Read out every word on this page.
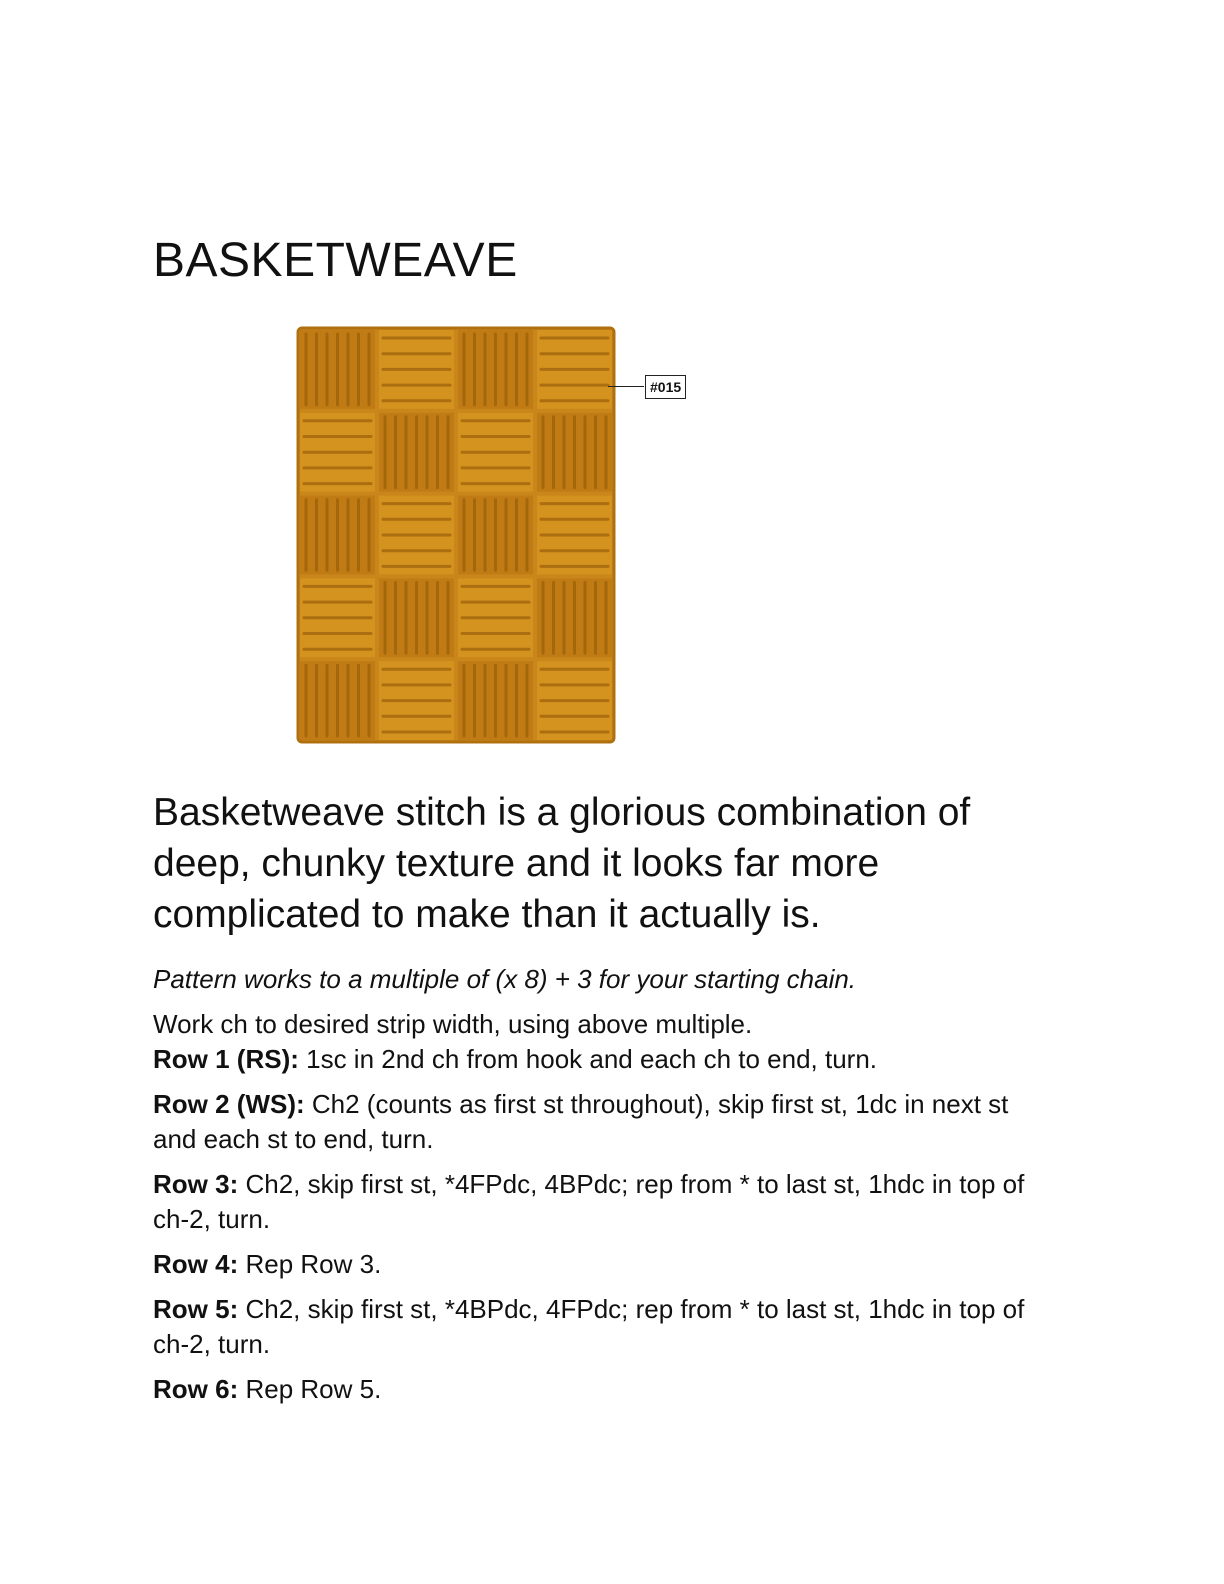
BASKETWEAVE
#015

Basketweave stitch is a glorious combination of deep, chunky texture and it looks far more complicated to make than it actually is.

Pattern works to a multiple of (x 8) + 3 for your starting chain.

Work ch to desired strip width, using above multiple.

Row 1 (RS): 1sc in 2nd ch from hook and each ch to end, turn.

Row 2 (WS): Ch2 (counts as first st throughout), skip first st, 1dc in next st and each st to end, turn.

Row 3: Ch2, skip first st, *4FPdc, 4BPdc; rep from * to last st, 1hdc in top of ch-2, turn.

Row 4: Rep Row 3.

Row 5: Ch2, skip first st, *4BPdc, 4FPdc; rep from * to last st, 1hdc in top of ch-2, turn.

Row 6: Rep Row 5.
